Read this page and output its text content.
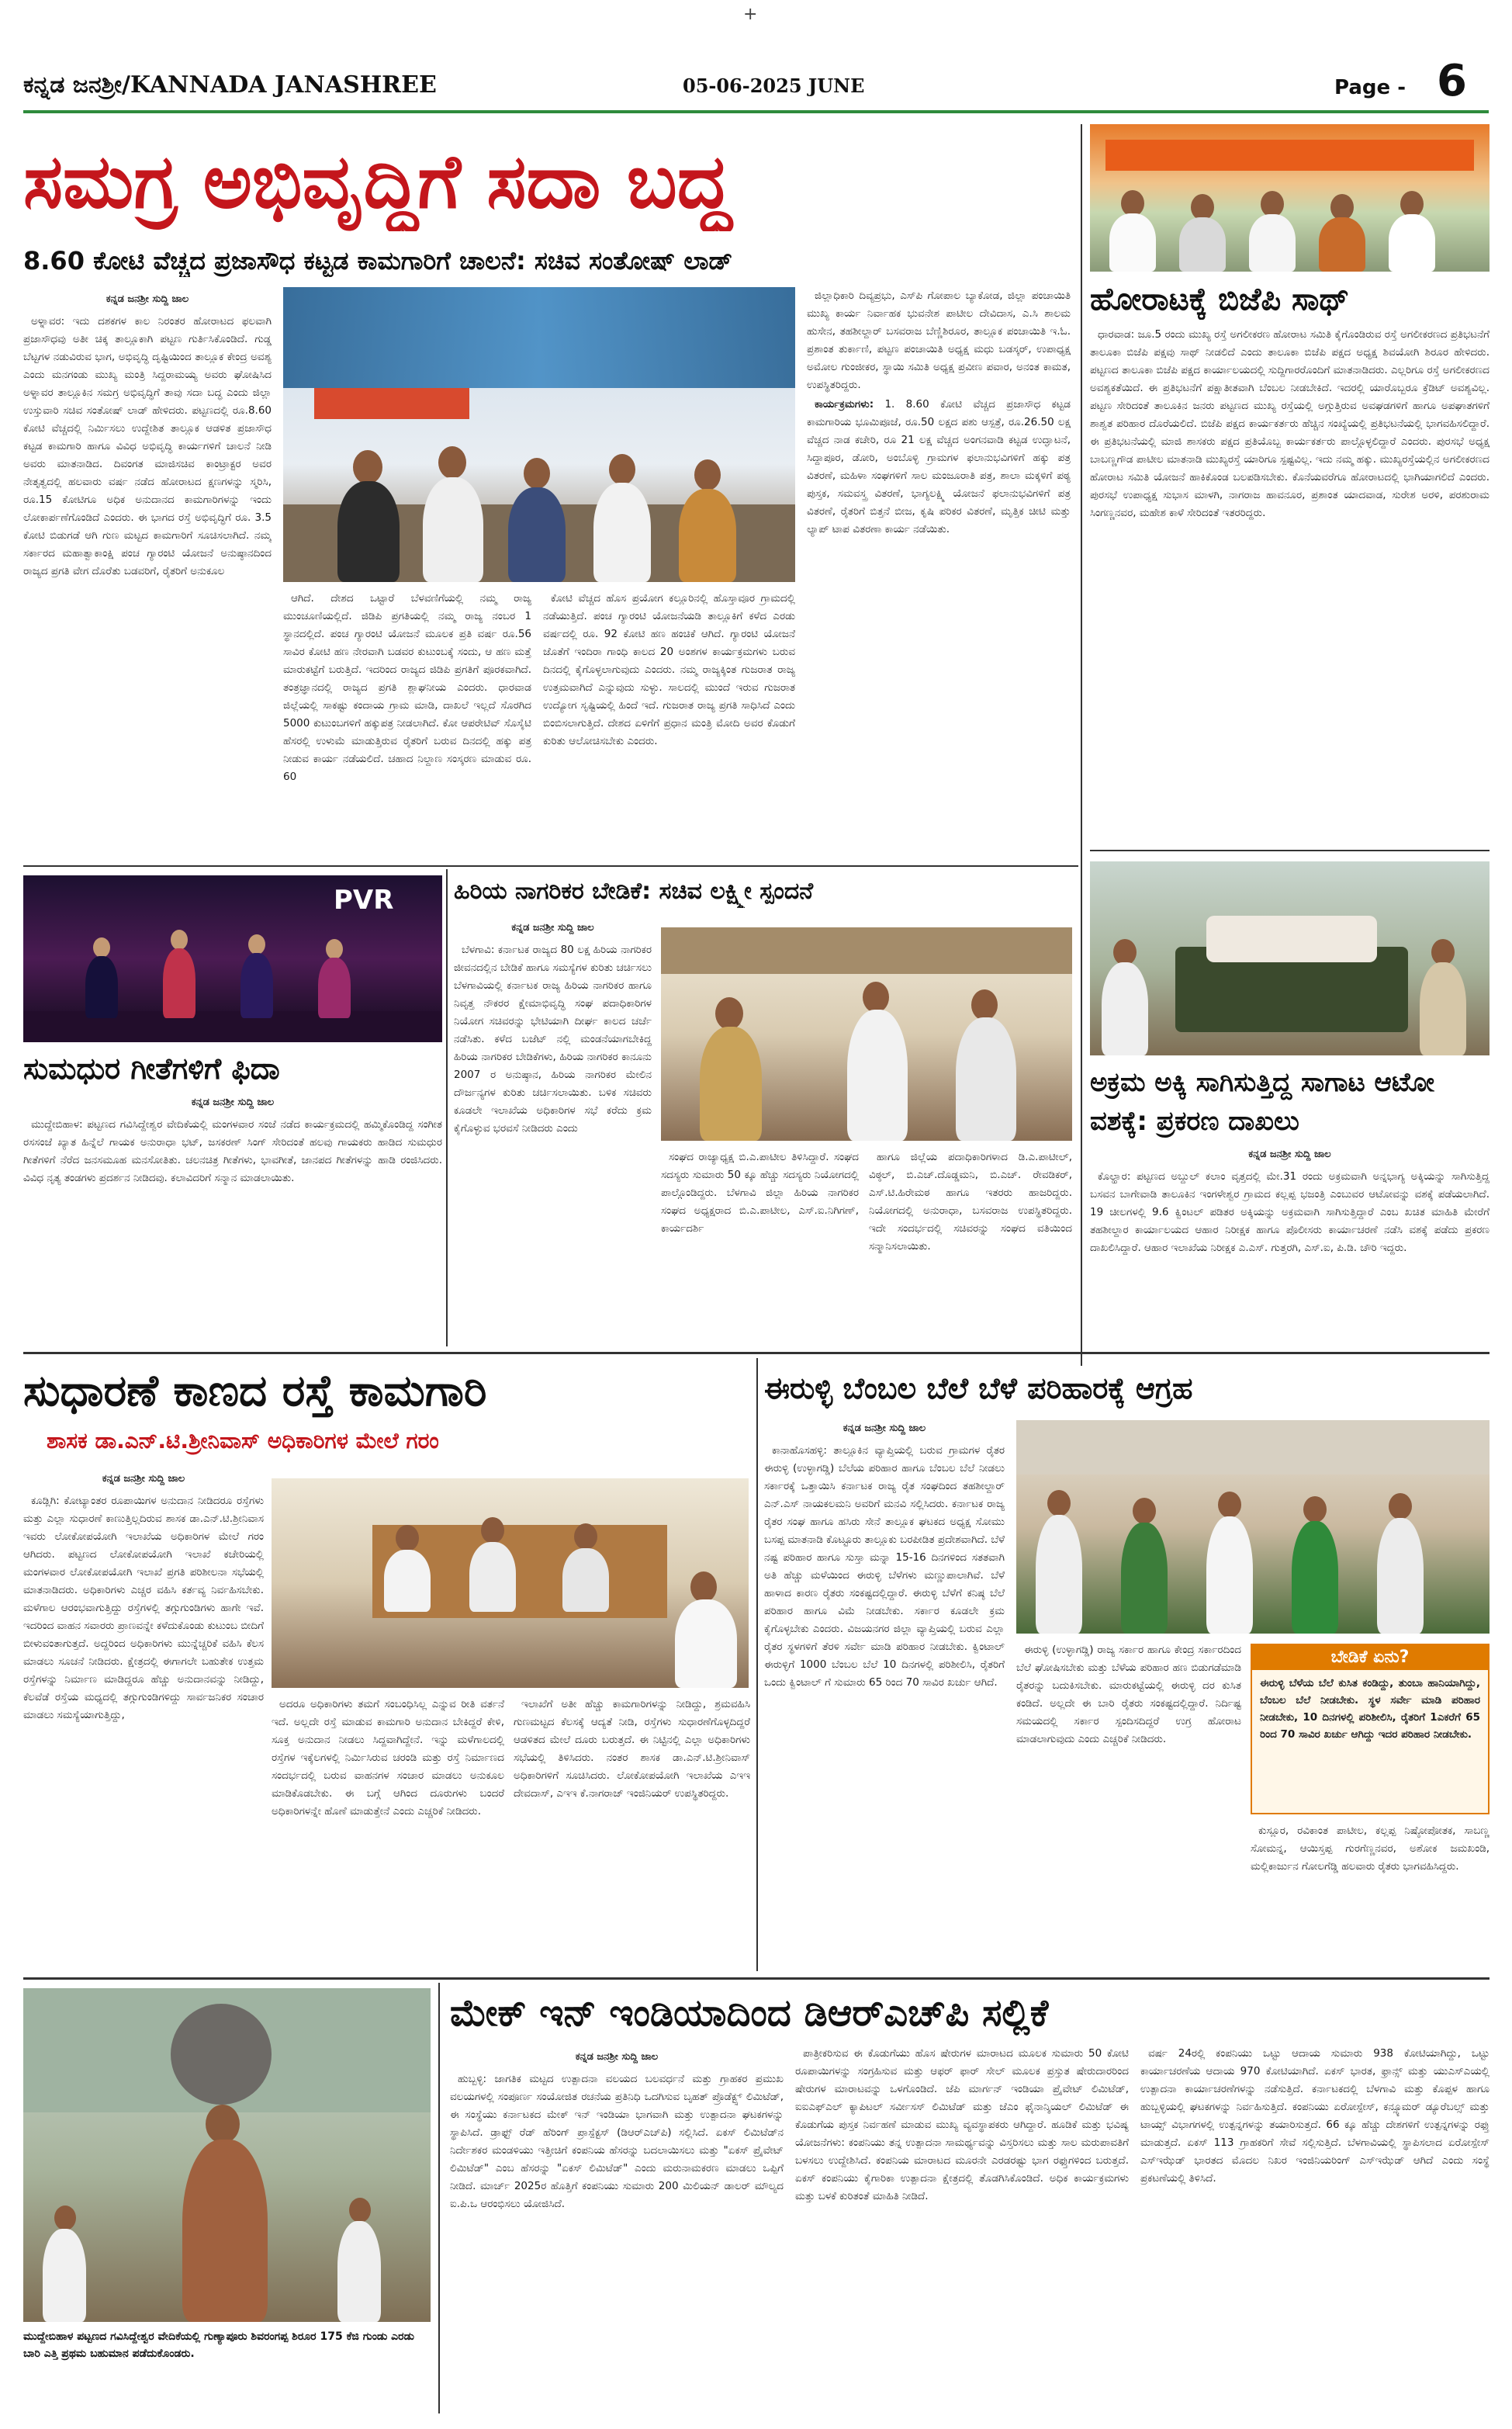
+
ಕನ್ನಡ ಜನಶ್ರೀ/KANNADA JANASHREE	05-06-2025 JUNE	Page - 6
ಸಮಗ್ರ ಅಭಿವೃದ್ಧಿಗೆ ಸದಾ ಬದ್ಧ
8.60 ಕೋಟಿ ವೆಚ್ಚದ ಪ್ರಜಾಸೌಧ ಕಟ್ಟಡ ಕಾಮಗಾರಿಗೆ ಚಾಲನೆ: ಸಚಿವ ಸಂತೋಷ್ ಲಾಡ್
ಕನ್ನಡ ಜನಶ್ರೀ ಸುದ್ದಿ ಜಾಲ

ಅಳ್ನಾವರ: ಇದು ದಶಕಗಳ ಕಾಲ ನಿರಂತರ ಹೋರಾಟದ ಫಲವಾಗಿ ಪ್ರಜಾಸೌಧವು ಅತೀ ಚಿಕ್ಕ ತಾಲ್ಲೂಕಾಗಿ ಪಟ್ಟಣ ಗುರ್ತಿಸಿಕೊಂಡಿದೆ. ಗುಡ್ಡ ಬೆಟ್ಟಗಳ ನಡುವಿರುವ ಭಾಗ, ಅಭಿವೃದ್ಧಿ ದೃಷ್ಟಿಯಿಂದ ತಾಲ್ಲೂಕ ಕೇಂದ್ರ ಅವಶ್ಯ ಎಂದು ಮನಗಂಡು ಮುಖ್ಯ ಮಂತ್ರಿ ಸಿದ್ದರಾಮಯ್ಯ ಅವರು ಘೋಷಿಸಿದ ಅಳ್ನಾವರ ತಾಲ್ಲೂಕಿನ ಸಮಗ್ರ ಅಭಿವೃದ್ಧಿಗೆ ತಾವು ಸದಾ ಬದ್ಧ ಎಂದು ಜಿಲ್ಲಾ ಉಸ್ತುವಾರಿ ಸಚಿವ ಸಂತೋಷ್ ಲಾಡ್ ಹೇಳಿದರು. ಪಟ್ಟಣದಲ್ಲಿ ರೂ.8.60 ಕೋಟಿ ವೆಚ್ಚದಲ್ಲಿ ನಿರ್ಮಿಸಲು ಉದ್ದೇಶಿತ ತಾಲ್ಲೂಕ ಆಡಳಿತ ಪ್ರಜಾಸೌಧ ಕಟ್ಟಡ ಕಾಮಗಾರಿ ಹಾಗೂ ವಿವಿಧ ಅಭಿವೃದ್ಧಿ ಕಾರ್ಯಗಳಿಗೆ ಚಾಲನೆ ನೀಡಿ ಅವರು ಮಾತನಾಡಿದ. ದಿವಂಗತ ಮಾಜಿಸಚಿವ ಕಾಂಟ್ರಾಕ್ಟರ ಅವರ ನೇತೃತ್ವದಲ್ಲಿ ಹಲವಾರು ವರ್ಷ ನಡೆದ ಹೋರಾಟದ ಕ್ಷಣಗಳನ್ನು ಸ್ಮರಿಸಿ, ರೂ.15 ಕೋಟಿಗೂ ಅಧಿಕ ಅನುದಾನದ ಕಾಮಗಾರಿಗಳನ್ನು ಇಂದು ಲೋಕಾರ್ಪಣೆಗೊಂಡಿದೆ ಎಂದರು. ಈ ಭಾಗದ ರಸ್ತೆ ಅಭಿವೃದ್ಧಿಗೆ ರೂ. 3.5 ಕೋಟಿ ಬಿಡುಗಡೆ ಆಗಿ ಗುಣ ಮಟ್ಟದ ಕಾಮಗಾರಿಗೆ ಸೂಚಿಸಲಾಗಿದೆ. ನಮ್ಮ ಸರ್ಕಾರದ ಮಹಾತ್ವಾಕಾಂಕ್ಷಿ ಪಂಚ ಗ್ಯಾರಂಟಿ ಯೋಜನೆ ಅನುಷ್ಠಾನದಿಂದ ರಾಜ್ಯದ ಪ್ರಗತಿ ವೇಗ ದೊರೆತು ಬಡವರಿಗೆ, ರೈತರಿಗೆ ಅನುಕೂಲ

ಆಗಿದೆ. ದೇಶದ ಒಟ್ಟಾರೆ ಬೆಳವಣಿಗೆಯಲ್ಲಿ ನಮ್ಮ ರಾಜ್ಯ ಮುಂಚೂಣಿಯಲ್ಲಿದೆ. ಜಿಡಿಪಿ ಪ್ರಗತಿಯಲ್ಲಿ ನಮ್ಮ ರಾಜ್ಯ ನಂಬರ 1 ಸ್ಥಾನದಲ್ಲಿದೆ. ಪಂಚ ಗ್ಯಾರಂಟಿ ಯೋಜನೆ ಮೂಲಕ ಪ್ರತಿ ವರ್ಷ ರೂ.56 ಸಾವಿರ ಕೋಟಿ ಹಣ ನೇರವಾಗಿ ಬಡವರ ಕುಟುಂಬಕ್ಕೆ ಸಂದು, ಆ ಹಣ ಮತ್ತೆ ಮಾರುಕಟ್ಟೆಗೆ ಬರುತ್ತಿದೆ. ಇದರಿಂದ ರಾಜ್ಯದ ಜಿಡಿಪಿ ಪ್ರಗತಿಗೆ ಪೂರಕವಾಗಿದೆ. ತಂತ್ರಜ್ಞಾನದಲ್ಲಿ ರಾಜ್ಯದ ಪ್ರಗತಿ ಶ್ಲಾಘನೀಯ ಎಂದರು. ಧಾರವಾಡ ಜಿಲ್ಲೆಯಲ್ಲಿ ಸಾಕಷ್ಟು ಕಂದಾಯ ಗ್ರಾಮ ಮಾಡಿ, ದಾಖಲೆ ಇಲ್ಲದೆ ಸೊರಗಿದ 5000 ಕುಟುಂಬಗಳಿಗೆ ಹಕ್ಕುಪತ್ರ ನೀಡಲಾಗಿದೆ. ಕೋ ಆಪರೇಟಿವ್ ಸೊಸೈಟಿ ಹೆಸರಲ್ಲಿ ಉಳುಮೆ ಮಾಡುತ್ತಿರುವ ರೈತರಿಗೆ ಬರುವ ದಿನದಲ್ಲಿ ಹಕ್ಕು ಪತ್ರ ನೀಡುವ ಕಾರ್ಯ ನಡೆಯಲಿದೆ. ಚಹಾದ ನಿಲ್ದಾಣ ಸಂಸ್ಕರಣ ಮಾಡುವ ರೂ. 60

ಕೋಟಿ ವೆಚ್ಚದ ಹೊಸ ಪ್ರಯೋಗ ಕಲ್ಲೂರಿನಲ್ಲಿ ಹೊಸ್ತಾವೂರ ಗ್ರಾಮದಲ್ಲಿ ನಡೆಯುತ್ತಿದೆ. ಪಂಚ ಗ್ಯಾರಂಟಿ ಯೋಜನೆಯಡಿ ತಾಲ್ಲೂಕಿಗೆ ಕಳೆದ ಎರಡು ವರ್ಷದಲ್ಲಿ ರೂ. 92 ಕೋಟಿ ಹಣ ಹಂಚಿಕೆ ಆಗಿದೆ. ಗ್ಯಾರಂಟಿ ಯೋಜನೆ ಜೊತೆಗೆ ಇಂದಿರಾ ಗಾಂಧಿ ಕಾಲದ 20 ಅಂಶಗಳ ಕಾರ್ಯಕ್ರಮಗಳು ಬರುವ ದಿನದಲ್ಲಿ ಕೈಗೊಳ್ಳಲಾಗುವುದು ಎಂದರು. ನಮ್ಮ ರಾಜ್ಯಕ್ಕಿಂತ ಗುಜರಾತ ರಾಜ್ಯ ಉತ್ತಮವಾಗಿದೆ ಎನ್ನುವುದು ಸುಳ್ಳು. ಸಾಲದಲ್ಲಿ ಮುಂದೆ ಇರುವ ಗುಜರಾತ ಉದ್ಯೋಗ ಸೃಷ್ಟಿಯಲ್ಲಿ ಹಿಂದೆ ಇದೆ. ಗುಜರಾತ ರಾಜ್ಯ ಪ್ರಗತಿ ಸಾಧಿಸಿದೆ ಎಂದು ಬಿಂಬಿಸಲಾಗುತ್ತಿದೆ. ದೇಶದ ಏಳಿಗೆಗೆ ಪ್ರಧಾನ ಮಂತ್ರಿ ಮೋದಿ ಅವರ ಕೊಡುಗೆ ಕುರಿತು ಆಲೋಚಿಸಬೇಕು ಎಂದರು.

ಜಿಲ್ಲಾಧಿಕಾರಿ ದಿವ್ಯಪ್ರಭು, ಎಸ್‌ಪಿ ಗೋಪಾಲ ಬ್ಯಾಕೋಡ, ಜಿಲ್ಲಾ ಪಂಚಾಯಿತಿ ಮುಖ್ಯ ಕಾರ್ಯ ನಿರ್ವಾಹಕ ಭುವನೇಶ ಪಾಟೀಲ ದೇವಿದಾಸ, ಎ.ಸಿ ಶಾಲಮ ಹುಸೇನ, ತಹಶೀಲ್ದಾರ್ ಬಸವರಾಜ ಬೆಣ್ಣಿಶಿರೂರ, ತಾಲ್ಲೂಕ ಪಂಚಾಯಿತಿ ಇ.ಓ. ಪ್ರಶಾಂತ ತುರ್ಕಾಣಿ, ಪಟ್ಟಣ ಪಂಚಾಯಿತಿ ಅಧ್ಯಕ್ಷ ಮಧು ಬಡಸ್ಕರ್, ಉಪಾಧ್ಯಕ್ಷ ಅಮೋಲ ಗುಂಜೀಕರ, ಸ್ಥಾಯಿ ಸಮಿತಿ ಅಧ್ಯಕ್ಷ ಪ್ರವೀಣ ಪವಾರ, ಅನಂತ ಕಾಮತ, ಉಪಸ್ಥಿತರಿದ್ದರು.

ಕಾರ್ಯಕ್ರಮಗಳು: 1. 8.60 ಕೋಟಿ ವೆಚ್ಚದ ಪ್ರಜಾಸೌಧ ಕಟ್ಟಡ ಕಾಮಗಾರಿಯ ಭೂಮಿಪೂಜೆ, ರೂ.50 ಲಕ್ಷದ ಪಶು ಆಸ್ಪತ್ರೆ, ರೂ.26.50 ಲಕ್ಷ ವೆಚ್ಚದ ನಾಡ ಕಚೇರಿ, ರೂ 21 ಲಕ್ಷ ವೆಚ್ಚದ ಅಂಗನವಾಡಿ ಕಟ್ಟಡ ಉದ್ಘಾಟನೆ, ಸಿದ್ದಾಪೂರ, ಡೋರಿ, ಅಂಬೊಳ್ಳಿ ಗ್ರಾಮಗಳ ಫಲಾನುಭವಿಗಳಿಗೆ ಹಕ್ಕು ಪತ್ರ ವಿತರಣೆ, ಮಹಿಳಾ ಸಂಘಗಳಿಗೆ ಸಾಲ ಮಂಜೂರಾತಿ ಪತ್ರ, ಶಾಲಾ ಮಕ್ಕಳಿಗೆ ಪಠ್ಯ ಪುಸ್ತಕ, ಸಮವಸ್ತ್ರ ವಿತರಣೆ, ಭಾಗ್ಯಲಕ್ಷ್ಮಿ ಯೋಜನೆ ಫಲಾನುಭವಿಗಳಿಗೆ ಪತ್ರ ವಿತರಣೆ, ರೈತರಿಗೆ ಬಿತ್ತನೆ ಬೀಜ, ಕೃಷಿ ಪರಿಕರ ವಿತರಣೆ, ಮೃತ್ತಿಕ ಚೀಟಿ ಮತ್ತು ಲ್ಯಾಪ್ ಟಾಪ ವಿತರಣಾ ಕಾರ್ಯ ನಡೆಯಿತು.

ಹೋರಾಟಕ್ಕೆ ಬಿಜೆಪಿ ಸಾಥ್

ಧಾರವಾಡ: ಜೂ.5 ರಂದು ಮುಖ್ಯ ರಸ್ತೆ ಅಗಲೀಕರಣ ಹೋರಾಟ ಸಮಿತಿ ಕೈಗೊಂಡಿರುವ ರಸ್ತೆ ಅಗಲೀಕರಣದ ಪ್ರತಿಭಟನೆಗೆ ತಾಲೂಕಾ ಬಿಜೆಪಿ ಪಕ್ಷವು ಸಾಥ್ ನೀಡಲಿದೆ ಎಂದು ತಾಲೂಕಾ ಬಿಜೆಪಿ ಪಕ್ಷದ ಅಧ್ಯಕ್ಷ ಶಿವಯೋಗಿ ಶಿರೂರ ಹೇಳಿದರು. ಪಟ್ಟಣದ ತಾಲೂಕಾ ಬಿಜೆಪಿ ಪಕ್ಷದ ಕಾರ್ಯಾಲಯದಲ್ಲಿ ಸುದ್ದಿಗಾರರೊಂದಿಗೆ ಮಾತನಾಡಿದರು. ಎಲ್ಲರಿಗೂ ರಸ್ತೆ ಅಗಲೀಕರಣದ ಅವಶ್ಯಕತೆಯಿದೆ. ಈ ಪ್ರತಿಭಟನೆಗೆ ಪಕ್ಷಾತೀತವಾಗಿ ಬೆಂಬಲ ನೀಡಬೇಕಿದೆ. ಇದರಲ್ಲಿ ಯಾರೊಬ್ಬರೂ ಕ್ರೆಡಿಟ್ ಅವಶ್ಯವಿಲ್ಲ. ಪಟ್ಟಣ ಸೇರಿದಂತೆ ತಾಲೂಕಿನ ಜನರು ಪಟ್ಟಣದ ಮುಖ್ಯ ರಸ್ತೆಯಲ್ಲಿ ಅಗ್ಗುತ್ತಿರುವ ಅವಘಡಗಳಿಗೆ ಹಾಗೂ ಅಪಘಾತಗಳಿಗೆ ಶಾಶ್ವತ ಪರಿಹಾರ ದೊರೆಯಲಿದೆ. ಬಿಜೆಪಿ ಪಕ್ಷದ ಕಾರ್ಯಕರ್ತರು ಹೆಚ್ಚಿನ ಸಂಖ್ಯೆಯಲ್ಲಿ ಪ್ರತಿಭಟನೆಯಲ್ಲಿ ಭಾಗವಹಿಸಲಿದ್ದಾರೆ. ಈ ಪ್ರತಿಭಟನೆಯಲ್ಲಿ ಮಾಜಿ ಶಾಸಕರು ಪಕ್ಷದ ಪ್ರತಿಯೊಬ್ಬ ಕಾರ್ಯಕರ್ತರು ಪಾಲ್ಗೊಳ್ಳಲಿದ್ದಾರೆ ಎಂದರು. ಪುರಸಭೆ ಅಧ್ಯಕ್ಷ ಬಾಬಣ್ಣಗೌಡ ಪಾಟೀಲ ಮಾತನಾಡಿ ಮುಖ್ಯರಸ್ತೆ ಯಾರಿಗೂ ಸ್ಪಷ್ಟವಿಲ್ಲ. ಇದು ನಮ್ಮ ಹಕ್ಕು. ಮುಖ್ಯರಸ್ತೆಯಲ್ಲಿನ ಅಗಲೀಕರಣದ ಹೋರಾಟ ಸಮಿತಿ ಯೋಜನೆ ಹಾಕಿಕೊಂಡ ಬಲಪಡಿಸಬೇಕು. ಕೊನೆಯವರೆಗೂ ಹೋರಾಟದಲ್ಲಿ ಭಾಗಿಯಾಗಲಿದೆ ಎಂದರು. ಪುರಸಭೆ ಉಪಾಧ್ಯಕ್ಷ ಸುಭಾಸ ಮಾಳಗಿ, ನಾಗರಾಜ ಹಾವನೂರ, ಪ್ರಶಾಂತ ಯಾದವಾಡ, ಸುರೇಶ ಅರಳಿ, ಪರಶುರಾಮ ಸಿಂಗಣ್ಣನವರ, ಮಹೇಶ ಕಾಳೆ ಸೇರಿದಂತೆ ಇತರರಿದ್ದರು.

PVR
ಸುಮಧುರ ಗೀತೆಗಳಿಗೆ ಫಿದಾ
ಕನ್ನಡ ಜನಶ್ರೀ ಸುದ್ದಿ ಜಾಲ

ಮುದ್ದೇಬಿಹಾಳ: ಪಟ್ಟಣದ ಗವಿಸಿದ್ದೇಶ್ವರ ವೇದಿಕೆಯಲ್ಲಿ ಮಂಗಳವಾರ ಸಂಜೆ ನಡೆದ ಕಾರ್ಯಕ್ರಮದಲ್ಲಿ ಹಮ್ಮಿಕೊಂಡಿದ್ದ ಸಂಗೀತ ರಸಸಂಜೆ ಖ್ಯಾತ ಹಿನ್ನೆಲೆ ಗಾಯಕ ಅನುರಾಧಾ ಭಟ್, ಜಸಕರಣ್ ಸಿಂಗ್ ಸೇರಿದಂತೆ ಹಲವು ಗಾಯಕರು ಹಾಡಿದ ಸುಮಧುರ ಗೀತೆಗಳಿಗೆ ನೆರೆದ ಜನಸಮೂಹ ಮನಸೋತಿತು. ಚಲನಚಿತ್ರ ಗೀತೆಗಳು, ಭಾವಗೀತೆ, ಜಾನಪದ ಗೀತೆಗಳನ್ನು ಹಾಡಿ ರಂಜಿಸಿದರು. ವಿವಿಧ ನೃತ್ಯ ತಂಡಗಳು ಪ್ರದರ್ಶನ ನೀಡಿದವು. ಕಲಾವಿದರಿಗೆ ಸನ್ಮಾನ ಮಾಡಲಾಯಿತು.

ಹಿರಿಯ ನಾಗರಿಕರ ಬೇಡಿಕೆ: ಸಚಿವ ಲಕ್ಷ್ಮೀ ಸ್ಪಂದನೆ
ಕನ್ನಡ ಜನಶ್ರೀ ಸುದ್ದಿ ಜಾಲ

ಬೆಳಗಾವಿ: ಕರ್ನಾಟಕ ರಾಜ್ಯದ 80 ಲಕ್ಷ ಹಿರಿಯ ನಾಗರಿಕರ ಜೀವನದಲ್ಲಿನ ಬೇಡಿಕೆ ಹಾಗೂ ಸಮಸ್ಯೆಗಳ ಕುರಿತು ಚರ್ಚಿಸಲು ಬೆಳಗಾವಿಯಲ್ಲಿ ಕರ್ನಾಟಕ ರಾಜ್ಯ ಹಿರಿಯ ನಾಗರಿಕರ ಹಾಗೂ ನಿವೃತ್ತ ನೌಕರರ ಕ್ಷೇಮಾಭಿವೃದ್ಧಿ ಸಂಘ ಪದಾಧಿಕಾರಿಗಳ ನಿಯೋಗ ಸಚಿವರನ್ನು ಭೇಟಿಯಾಗಿ ದೀರ್ಘ ಕಾಲದ ಚರ್ಚೆ ನಡೆಸಿತು. ಕಳೆದ ಬಜೆಟ್ ನಲ್ಲಿ ಮಂಡನೆಯಾಗಬೇಕಿದ್ದ ಹಿರಿಯ ನಾಗರಿಕರ ಬೇಡಿಕೆಗಳು, ಹಿರಿಯ ನಾಗರಿಕರ ಕಾನೂನು 2007 ರ ಅನುಷ್ಠಾನ, ಹಿರಿಯ ನಾಗರಿಕರ ಮೇಲಿನ ದೌರ್ಜನ್ಯಗಳ ಕುರಿತು ಚರ್ಚಿಸಲಾಯಿತು. ಬಳಿಕ ಸಚಿವರು ಕೂಡಲೇ ಇಲಾಖೆಯ ಅಧಿಕಾರಿಗಳ ಸಭೆ ಕರೆದು ಕ್ರಮ ಕೈಗೊಳ್ಳುವ ಭರವಸೆ ನೀಡಿದರು ಎಂದು

ಸಂಘದ ರಾಜ್ಯಾಧ್ಯಕ್ಷ ಬಿ.ಎ.ಪಾಟೀಲ ತಿಳಿಸಿದ್ದಾರೆ. ಸಂಘದ ಸದಸ್ಯರು ಸುಮಾರು 50 ಕ್ಕೂ ಹೆಚ್ಚು ಸದಸ್ಯರು ನಿಯೋಗದಲ್ಲಿ ಪಾಲ್ಗೊಂಡಿದ್ದರು. ಬೆಳಗಾವಿ ಜಿಲ್ಲಾ ಹಿರಿಯ ನಾಗರಿಕರ ಸಂಘದ ಅಧ್ಯಕ್ಷರಾದ ಬಿ.ಎ.ಪಾಟೀಲ, ಎಸ್.ಐ.ನಿಗಿಗಣ್, ಕಾರ್ಯದರ್ಶಿ

ಹಾಗೂ ಜಿಲ್ಲೆಯ ಪದಾಧಿಕಾರಿಗಳಾದ ಡಿ.ಎ.ಪಾಟೀಲ್, ವಿಠ್ಠಲ್, ಬಿ.ಎಚ್.ದೊಡ್ಡಮನಿ, ಬಿ.ಎಚ್. ರೇವಡಿಕರ್, ಎಸ್.ಟಿ.ಹಿರೇಮಠ ಹಾಗೂ ಇತರರು ಹಾಜರಿದ್ದರು. ನಿಯೋಗದಲ್ಲಿ ಅನುರಾಧಾ, ಬಸವರಾಜ ಉಪಸ್ಥಿತರಿದ್ದರು. ಇದೇ ಸಂದರ್ಭದಲ್ಲಿ ಸಚಿವರನ್ನು ಸಂಘದ ವತಿಯಿಂದ ಸನ್ಮಾನಿಸಲಾಯಿತು.

ಅಕ್ರಮ ಅಕ್ಕಿ ಸಾಗಿಸುತ್ತಿದ್ದ ಸಾಗಾಟ ಆಟೋ ವಶಕ್ಕೆ: ಪ್ರಕರಣ ದಾಖಲು
ಕನ್ನಡ ಜನಶ್ರೀ ಸುದ್ದಿ ಜಾಲ

ಕೊಲ್ಹಾರ: ಪಟ್ಟಣದ ಅಬ್ದುಲ್ ಕಲಾಂ ವೃತ್ತದಲ್ಲಿ ಮೇ.31 ರಂದು ಅಕ್ರಮವಾಗಿ ಅನ್ನಭಾಗ್ಯ ಅಕ್ಕಿಯನ್ನು ಸಾಗಿಸುತ್ತಿದ್ದ ಬಸವನ ಬಾಗೇವಾಡಿ ತಾಲೂಕಿನ ಇಂಗಳೇಶ್ವರ ಗ್ರಾಮದ ಕಲ್ಲಪ್ಪ ಭಜಂತ್ರಿ ಎಂಬುವರ ಆಟೋವನ್ನು ವಶಕ್ಕೆ ಪಡೆಯಲಾಗಿದೆ. 19 ಚೀಲಗಳಲ್ಲಿ 9.6 ಕ್ವಿಂಟಲ್ ಪಡಿತರ ಅಕ್ಕಿಯನ್ನು ಅಕ್ರಮವಾಗಿ ಸಾಗಿಸುತ್ತಿದ್ದಾರೆ ಎಂಬ ಖಚಿತ ಮಾಹಿತಿ ಮೇರೆಗೆ ತಹಶೀಲ್ದಾರ ಕಾರ್ಯಾಲಯದ ಆಹಾರ ನಿರೀಕ್ಷಕ ಹಾಗೂ ಪೊಲೀಸರು ಕಾರ್ಯಾಚರಣೆ ನಡೆಸಿ ವಶಕ್ಕೆ ಪಡೆದು ಪ್ರಕರಣ ದಾಖಲಿಸಿದ್ದಾರೆ. ಆಹಾರ ಇಲಾಖೆಯ ನಿರೀಕ್ಷಕ ಎ.ಎಸ್. ಗುತ್ತರಗಿ, ಎಸ್.ಐ, ಪಿ.ಡಿ. ಚೌರಿ ಇದ್ದರು.

ಸುಧಾರಣೆ ಕಾಣದ ರಸ್ತೆ ಕಾಮಗಾರಿ
ಶಾಸಕ ಡಾ.ಎನ್.ಟಿ.ಶ್ರೀನಿವಾಸ್ ಅಧಿಕಾರಿಗಳ ಮೇಲೆ ಗರಂ
ಕನ್ನಡ ಜನಶ್ರೀ ಸುದ್ದಿ ಜಾಲ

ಕೂಡ್ಲಿಗಿ: ಕೋಟ್ಯಾಂತರ ರೂಪಾಯಿಗಳ ಅನುದಾನ ನೀಡಿದರೂ ರಸ್ತೆಗಳು ಮತ್ತು ಎಲ್ಲಾ ಸುಧಾರಣೆ ಕಾಣುತ್ತಿಲ್ಲದಿರುವ ಶಾಸಕ ಡಾ.ಎನ್.ಟಿ.ಶ್ರೀನಿವಾಸ ಇವರು ಲೋಕೋಪಯೋಗಿ ಇಲಾಖೆಯ ಅಧಿಕಾರಿಗಳ ಮೇಲೆ ಗರಂ ಆಗಿದರು. ಪಟ್ಟಣದ ಲೋಕೋಪಯೋಗಿ ಇಲಾಖೆ ಕಚೇರಿಯಲ್ಲಿ ಮಂಗಳವಾರ ಲೋಕೋಪಯೋಗಿ ಇಲಾಖೆ ಪ್ರಗತಿ ಪರಿಶೀಲನಾ ಸಭೆಯಲ್ಲಿ ಮಾತನಾಡಿದರು. ಅಧಿಕಾರಿಗಳು ಎಚ್ಚರ ವಹಿಸಿ ಕರ್ತವ್ಯ ನಿರ್ವಹಿಸಬೇಕು. ಮಳೆಗಾಲ ಆರಂಭವಾಗುತ್ತಿದ್ದು ರಸ್ತೆಗಳಲ್ಲಿ ತಗ್ಗುಗುಂಡಿಗಳು ಹಾಗೇ ಇವೆ. ಇದರಿಂದ ವಾಹನ ಸವಾರರು ಪ್ರಾಣವನ್ನೇ ಕಳೆದುಕೊಂಡು ಕುಟುಂಬ ಬೀದಿಗೆ ಬೀಳುವಂತಾಗುತ್ತದೆ. ಅದ್ದರಿಂದ ಅಧಿಕಾರಿಗಳು ಮುನ್ನೆಚ್ಚರಿಕೆ ವಹಿಸಿ ಕೆಲಸ ಮಾಡಲು ಸೂಚನೆ ನೀಡಿದರು. ಕ್ಷೇತ್ರದಲ್ಲಿ ಈಗಾಗಲೇ ಬಹುತೇಕ ಉತ್ತಮ ರಸ್ತೆಗಳನ್ನು ನಿರ್ಮಾಣ ಮಾಡಿದ್ದರೂ ಹೆಚ್ಚು ಅನುದಾನವನ್ನು ನೀಡಿದ್ದು, ಕೆಲವೆಡೆ ರಸ್ತೆಯ ಮಧ್ಯದಲ್ಲಿ ತಗ್ಗುಗುಂಡಿಗಳಿದ್ದು ಸಾರ್ವಜನಿಕರ ಸಂಚಾರ ಮಾಡಲು ಸಮಸ್ಯೆಯಾಗುತ್ತಿದ್ದು,

ಅದರೂ ಅಧಿಕಾರಿಗಳು ತಮಗೆ ಸಂಬಂಧಿಸಿಲ್ಲ ಎನ್ನುವ ರೀತಿ ವರ್ತನೆ ಇದೆ. ಅಲ್ಲದೇ ರಸ್ತೆ ಮಾಡುವ ಕಾಮಗಾರಿ ಅನುದಾನ ಬೇಕಿದ್ದರೆ ಕೇಳಿ, ಸೂಕ್ತ ಅನುದಾನ ನೀಡಲು ಸಿದ್ದವಾಗಿದ್ದೇನೆ. ಇನ್ನು ಮಳೆಗಾಲದಲ್ಲಿ ರಸ್ತೆಗಳ ಇಕ್ಕೆಲಗಳಲ್ಲಿ ನಿರ್ಮಿಸಿರುವ ಚರಂಡಿ ಮತ್ತು ರಸ್ತೆ ನಿರ್ಮಾಣದ ಸಂದರ್ಭದಲ್ಲಿ ಬರುವ ವಾಹನಗಳ ಸಂಚಾರ ಮಾಡಲು ಅನುಕೂಲ ಮಾಡಿಕೊಡಬೇಕು. ಈ ಬಗ್ಗೆ ಆಗಿಂದ ದೂರುಗಳು ಬಂದರೆ ಅಧಿಕಾರಿಗಳನ್ನೇ ಹೊಣೆ ಮಾಡುತ್ತೇನೆ ಎಂದು ಎಚ್ಚರಿಕೆ ನೀಡಿದರು.

ಇಲಾಖೆಗೆ ಅತೀ ಹೆಚ್ಚು ಕಾಮಗಾರಿಗಳನ್ನು ನೀಡಿದ್ದು, ಶ್ರಮವಹಿಸಿ ಗುಣಮಟ್ಟದ ಕೆಲಸಕ್ಕೆ ಆದ್ಯತೆ ನೀಡಿ, ರಸ್ತೆಗಳು ಸುಧಾರಣೆಗೊಳ್ಳದಿದ್ದರೆ ಆಡಳಿತದ ಮೇಲೆ ದೂರು ಬರುತ್ತದೆ. ಈ ನಿಟ್ಟಿನಲ್ಲಿ ಎಲ್ಲಾ ಅಧಿಕಾರಿಗಳು ಸಭೆಯಲ್ಲಿ ತಿಳಿಸಿದರು. ನಂತರ ಶಾಸಕ ಡಾ.ಎನ್.ಟಿ.ಶ್ರೀನಿವಾಸ್ ಅಧಿಕಾರಿಗಳಿಗೆ ಸೂಚಿಸಿದರು. ಲೋಕೋಪಯೋಗಿ ಇಲಾಖೆಯ ಎಇಇ ದೇವದಾಸ್, ಎಇಇ ಕೆ.ನಾಗರಾಜ್ ಇಂಜಿನಿಯರ್ ಉಪಸ್ಥಿತರಿದ್ದರು.

ಈರುಳ್ಳಿ ಬೆಂಬಲ ಬೆಲೆ ಬೆಳೆ ಪರಿಹಾರಕ್ಕೆ ಆಗ್ರಹ
ಕನ್ನಡ ಜನಶ್ರೀ ಸುದ್ದಿ ಜಾಲ

ಕಾನಾಹೊಸಹಳ್ಳಿ: ತಾಲ್ಲೂಕಿನ ವ್ಯಾಪ್ತಿಯಲ್ಲಿ ಬರುವ ಗ್ರಾಮಗಳ ರೈತರ ಈರುಳ್ಳಿ (ಉಳ್ಳಾಗಡ್ಡಿ) ಬೆಲೆಯ ಪರಿಹಾರ ಹಾಗೂ ಬೆಂಬಲ ಬೆಲೆ ನೀಡಲು ಸರ್ಕಾರಕ್ಕೆ ಒತ್ತಾಯಿಸಿ ಕರ್ನಾಟಕ ರಾಜ್ಯ ರೈತ ಸಂಘದಿಂದ ತಹಶೀಲ್ದಾರ್ ಎನ್.ಎಸ್ ನಾಯಕಲಮನಿ ಅವರಿಗೆ ಮನವಿ ಸಲ್ಲಿಸಿದರು. ಕರ್ನಾಟಕ ರಾಜ್ಯ ರೈತರ ಸಂಘ ಹಾಗೂ ಹಸಿರು ಸೇನೆ ತಾಲ್ಲೂಕ ಘಟಕದ ಅಧ್ಯಕ್ಷ ಸೋಮು ಬಸಪ್ಪ ಮಾತನಾಡಿ ಕೊಟ್ಟೂರು ತಾಲ್ಲೂಕು ಬರಪೀಡಿತ ಪ್ರದೇಶವಾಗಿದೆ. ಬೆಳೆ ನಷ್ಟ ಪರಿಹಾರ ಹಾಗೂ ಸುಸ್ತಾ ಮನ್ನಾ 15-16 ದಿನಗಳಿಂದ ಸತತವಾಗಿ ಅತಿ ಹೆಚ್ಚು ಮಳೆಯಿಂದ ಈರುಳ್ಳಿ ಬೆಳೆಗಳು ಮಣ್ಣುಪಾಲಾಗಿವೆ. ಬೆಳೆ ಹಾಳಾದ ಕಾರಣ ರೈತರು ಸಂಕಷ್ಟದಲ್ಲಿದ್ದಾರೆ. ಈರುಳ್ಳಿ ಬೆಳೆಗೆ ಕನಿಷ್ಠ ಬೆಲೆ ಪರಿಹಾರ ಹಾಗೂ ವಿಮೆ ನೀಡಬೇಕು. ಸರ್ಕಾರ ಕೂಡಲೇ ಕ್ರಮ ಕೈಗೊಳ್ಳಬೇಕು ಎಂದರು. ವಿಜಯನಗರ ಜಿಲ್ಲಾ ವ್ಯಾಪ್ತಿಯಲ್ಲಿ ಬರುವ ಎಲ್ಲಾ ರೈತರ ಸ್ಥಳಗಳಿಗೆ ತೆರಳಿ ಸರ್ವೇ ಮಾಡಿ ಪರಿಹಾರ ನೀಡಬೇಕು. ಕ್ವಿಂಟಾಲ್ ಈರುಳ್ಳಿಗೆ 1000 ಬೆಂಬಲ ಬೆಲೆ 10 ದಿನಗಳಲ್ಲಿ ಪರಿಶೀಲಿಸಿ, ರೈತರಿಗೆ ಒಂದು ಕ್ವಿಂಟಾಲ್ ಗೆ ಸುಮಾರು 65 ರಿಂದ 70 ಸಾವಿರ ಖರ್ಚು ಆಗಿದೆ.

ಈರುಳ್ಳಿ (ಉಳ್ಳಾಗಡ್ಡಿ) ರಾಜ್ಯ ಸರ್ಕಾರ ಹಾಗೂ ಕೇಂದ್ರ ಸರ್ಕಾರದಿಂದ ಬೆಲೆ ಘೋಷಿಸಬೇಕು ಮತ್ತು ಬೆಳೆಯ ಪರಿಹಾರ ಹಣ ಬಿಡುಗಡೆಮಾಡಿ ರೈತರನ್ನು ಬದುಕಿಸಬೇಕು. ಮಾರುಕಟ್ಟೆಯಲ್ಲಿ ಈರುಳ್ಳಿ ದರ ಕುಸಿತ ಕಂಡಿದೆ. ಅಲ್ಲದೇ ಈ ಬಾರಿ ರೈತರು ಸಂಕಷ್ಟದಲ್ಲಿದ್ದಾರೆ. ನಿರ್ದಿಷ್ಟ ಸಮಯದಲ್ಲಿ ಸರ್ಕಾರ ಸ್ಪಂದಿಸದಿದ್ದರೆ ಉಗ್ರ ಹೋರಾಟ ಮಾಡಲಾಗುವುದು ಎಂದು ಎಚ್ಚರಿಕೆ ನೀಡಿದರು.

ಬೇಡಿಕೆ ಏನು?
ಈರುಳ್ಳಿ ಬೆಳೆಯ ಬೆಲೆ ಕುಸಿತ ಕಂಡಿದ್ದು, ತುಂಬಾ ಹಾನಿಯಾಗಿದ್ದು, ಬೆಂಬಲ ಬೆಲೆ ನೀಡಬೇಕು. ಸ್ಥಳ ಸರ್ವೇ ಮಾಡಿ ಪರಿಹಾರ ನೀಡಬೇಕು, 10 ದಿನಗಳಲ್ಲಿ ಪರಿಶೀಲಿಸಿ, ರೈತರಿಗೆ 1ಎಕರೆಗೆ 65 ರಿಂದ 70 ಸಾವಿರ ಖರ್ಚು ಆಗಿದ್ದು ಇದರ ಪರಿಹಾರ ನೀಡಬೇಕು.

ಕುಸ್ಲೂರ, ರವಿಕಾಂತ ಪಾಟೀಲ, ಕಲ್ಲಪ್ಪ ನಿಷ್ಠೋಪೋತಕ, ಸಾಬಣ್ಣ ಸೋಮನ್ನ, ಆಯಿಸ್ತಪ್ಪ ಗುರಗೆಣ್ಣನವರ, ಅಶೋಕ ಜಮಖಂಡಿ, ಮಲ್ಲಿಕಾರ್ಜುನ ಗೋಲಗೆಡ್ಡಿ ಹಲವಾರು ರೈತರು ಭಾಗವಹಿಸಿದ್ದರು.

ಮುದ್ದೇಬಿಹಾಳ ಪಟ್ಟಣದ ಗವಿಸಿದ್ದೇಶ್ವರ ವೇದಿಕೆಯಲ್ಲಿ ಗುಣ್ಯಾಪೂರು ಶಿವರಂಗಪ್ಪ ಶಿರೂರ 175 ಕೆಜಿ ಗುಂಡು ಎರಡು ಬಾರಿ ಎತ್ತಿ ಪ್ರಥಮ ಬಹುಮಾನ ಪಡೆದುಕೊಂಡರು.
ಮೇಕ್ ಇನ್ ಇಂಡಿಯಾದಿಂದ ಡಿಆರ್‌ಎಚ್‌ಪಿ ಸಲ್ಲಿಕೆ
ಕನ್ನಡ ಜನಶ್ರೀ ಸುದ್ದಿ ಜಾಲ

ಹುಬ್ಬಳ್ಳಿ: ಜಾಗತಿಕ ಮಟ್ಟದ ಉತ್ಪಾದನಾ ವಲಯದ ಬಲವರ್ಧನೆ ಮತ್ತು ಗ್ರಾಹಕರ ಪ್ರಮುಖ ವಲಯಗಳಲ್ಲಿ ಸಂಪೂರ್ಣ ಸಂಯೋಜಿತ ರಚನೆಯ ಪ್ರತಿನಿಧಿ ಒದಗಿಸುವ ಬೃಹತ್ ಪ್ರೊಡೆಕ್ಟ್ಸ್ ಲಿಮಿಟೆಡ್, ಈ ಸಂಸ್ಥೆಯು ಕರ್ನಾಟಕದ ಮೇಕ್ ಇನ್ ಇಂಡಿಯಾ ಭಾಗವಾಗಿ ಮತ್ತು ಉತ್ಪಾದನಾ ಘಟಕಗಳನ್ನು ಸ್ಥಾಪಿಸಿದೆ. ಡ್ರಾಫ್ಟ್ ರೆಡ್ ಹೆರಿಂಗ್ ಪ್ರಾಸ್ಪೆಕ್ಟಸ್ (ಡಿಆರ್‌ಎಚ್‌ಪಿ) ಸಲ್ಲಿಸಿದೆ. ಏಕಸ್ ಲಿಮಿಟೆಡ್‌ನ ನಿರ್ದೇಶಕರ ಮಂಡಳಿಯು ಇತ್ತೀಚಿಗೆ ಕಂಪನಿಯ ಹೆಸರನ್ನು ಬದಲಾಯಿಸಲು ಮತ್ತು "ಏಕಸ್ ಪ್ರೈವೇಟ್ ಲಿಮಿಟೆಡ್" ಎಂಬ ಹೆಸರನ್ನು "ಏಕಸ್ ಲಿಮಿಟೆಡ್" ಎಂದು ಮರುನಾಮಕರಣ ಮಾಡಲು ಒಪ್ಪಿಗೆ ನೀಡಿದೆ. ಮಾರ್ಚ್ 2025ರ ಹೊತ್ತಿಗೆ ಕಂಪನಿಯು ಸುಮಾರು 200 ಮಿಲಿಯನ್ ಡಾಲರ್ ಮೌಲ್ಯದ ಐ.ಪಿ.ಒ ಆರಂಭಿಸಲು ಯೋಜಿಸಿದೆ.

ಪಾತ್ರೀಕರಿಸುವ ಈ ಕೊಡುಗೆಯು ಹೊಸ ಷೇರುಗಳ ಮಾರಾಟದ ಮೂಲಕ ಸುಮಾರು 50 ಕೋಟಿ ರೂಪಾಯಿಗಳನ್ನು ಸಂಗ್ರಹಿಸುವ ಮತ್ತು ಆಫರ್ ಫಾರ್ ಸೇಲ್ ಮೂಲಕ ಪ್ರಸ್ತುತ ಷೇರುದಾರರಿಂದ ಷೇರುಗಳ ಮಾರಾಟವನ್ನು ಒಳಗೊಂಡಿದೆ. ಜೆಪಿ ಮಾರ್ಗನ್ ಇಂಡಿಯಾ ಪ್ರೈವೇಟ್ ಲಿಮಿಟೆಡ್, ಐಐಎಫ್‌ಎಲ್ ಕ್ಯಾಪಿಟಲ್ ಸರ್ವೀಸಸ್ ಲಿಮಿಟೆಡ್ ಮತ್ತು ಜೆಎಂ ಫೈನಾನ್ಶಿಯಲ್ ಲಿಮಿಟೆಡ್ ಈ ಕೊಡುಗೆಯ ಪುಸ್ತಕ ನಿರ್ವಹಣೆ ಮಾಡುವ ಮುಖ್ಯ ವ್ಯವಸ್ಥಾಪಕರು ಆಗಿದ್ದಾರೆ. ಹೂಡಿಕೆ ಮತ್ತು ಭವಿಷ್ಯ ಯೋಜನೆಗಳು: ಕಂಪನಿಯು ತನ್ನ ಉತ್ಪಾದನಾ ಸಾಮರ್ಥ್ಯವನ್ನು ವಿಸ್ತರಿಸಲು ಮತ್ತು ಸಾಲ ಮರುಪಾವತಿಗೆ ಬಳಸಲು ಉದ್ದೇಶಿಸಿದೆ. ಕಂಪನಿಯ ಮಾರಾಟದ ಮೂರನೇ ಎರಡರಷ್ಟು ಭಾಗ ರಫ್ತುಗಳಿಂದ ಬರುತ್ತದೆ. ಏಕಸ್ ಕಂಪನಿಯು ಕೈಗಾರಿಕಾ ಉತ್ಪಾದನಾ ಕ್ಷೇತ್ರದಲ್ಲಿ ತೊಡಗಿಸಿಕೊಂಡಿದೆ. ಅಧಿಕ ಕಾರ್ಯಕ್ರಮಗಳು ಮತ್ತು ಬಳಕೆ ಕುರಿತಂತೆ ಮಾಹಿತಿ ನೀಡಿದೆ.

ವರ್ಷ 24ರಲ್ಲಿ ಕಂಪನಿಯು ಒಟ್ಟು ಆದಾಯ ಸುಮಾರು 938 ಕೋಟಿಯಾಗಿದ್ದು, ಒಟ್ಟು ಕಾರ್ಯಾಚರಣೆಯ ಆದಾಯ 970 ಕೋಟಿಯಾಗಿದೆ. ಏಕಸ್ ಭಾರತ, ಫ್ರಾನ್ಸ್ ಮತ್ತು ಯುಎಸ್‌ಎಯಲ್ಲಿ ಉತ್ಪಾದನಾ ಕಾರ್ಯಾಚರಣೆಗಳನ್ನು ನಡೆಸುತ್ತಿದೆ. ಕರ್ನಾಟಕದಲ್ಲಿ ಬೆಳಗಾವಿ ಮತ್ತು ಕೊಪ್ಪಳ ಹಾಗೂ ಹುಬ್ಬಳ್ಳಿಯಲ್ಲಿ ಘಟಕಗಳನ್ನು ನಿರ್ವಹಿಸುತ್ತಿದೆ. ಕಂಪನಿಯು ಏರೋಸ್ಪೇಸ್, ಕನ್ಸ್ಯೂಮರ್ ಡ್ಯೂರೆಬಲ್ಸ್ ಮತ್ತು ಟಾಯ್ಸ್ ವಿಭಾಗಗಳಲ್ಲಿ ಉತ್ಪನ್ನಗಳನ್ನು ತಯಾರಿಸುತ್ತದೆ. 66 ಕ್ಕೂ ಹೆಚ್ಚು ದೇಶಗಳಿಗೆ ಉತ್ಪನ್ನಗಳನ್ನು ರಫ್ತು ಮಾಡುತ್ತದೆ. ಏಕಸ್ 113 ಗ್ರಾಹಕರಿಗೆ ಸೇವೆ ಸಲ್ಲಿಸುತ್ತಿದೆ. ಬೆಳಗಾವಿಯಲ್ಲಿ ಸ್ಥಾಪಿಸಲಾದ ಏರೋಸ್ಪೇಸ್ ಎಸ್‌ಇಝೆಡ್ ಭಾರತದ ಮೊದಲ ನಿಖರ ಇಂಜಿನಿಯರಿಂಗ್ ಎಸ್‌ಇಝೆಡ್ ಆಗಿದೆ ಎಂದು ಸಂಸ್ಥೆ ಪ್ರಕಟಣೆಯಲ್ಲಿ ತಿಳಿಸಿದೆ.
